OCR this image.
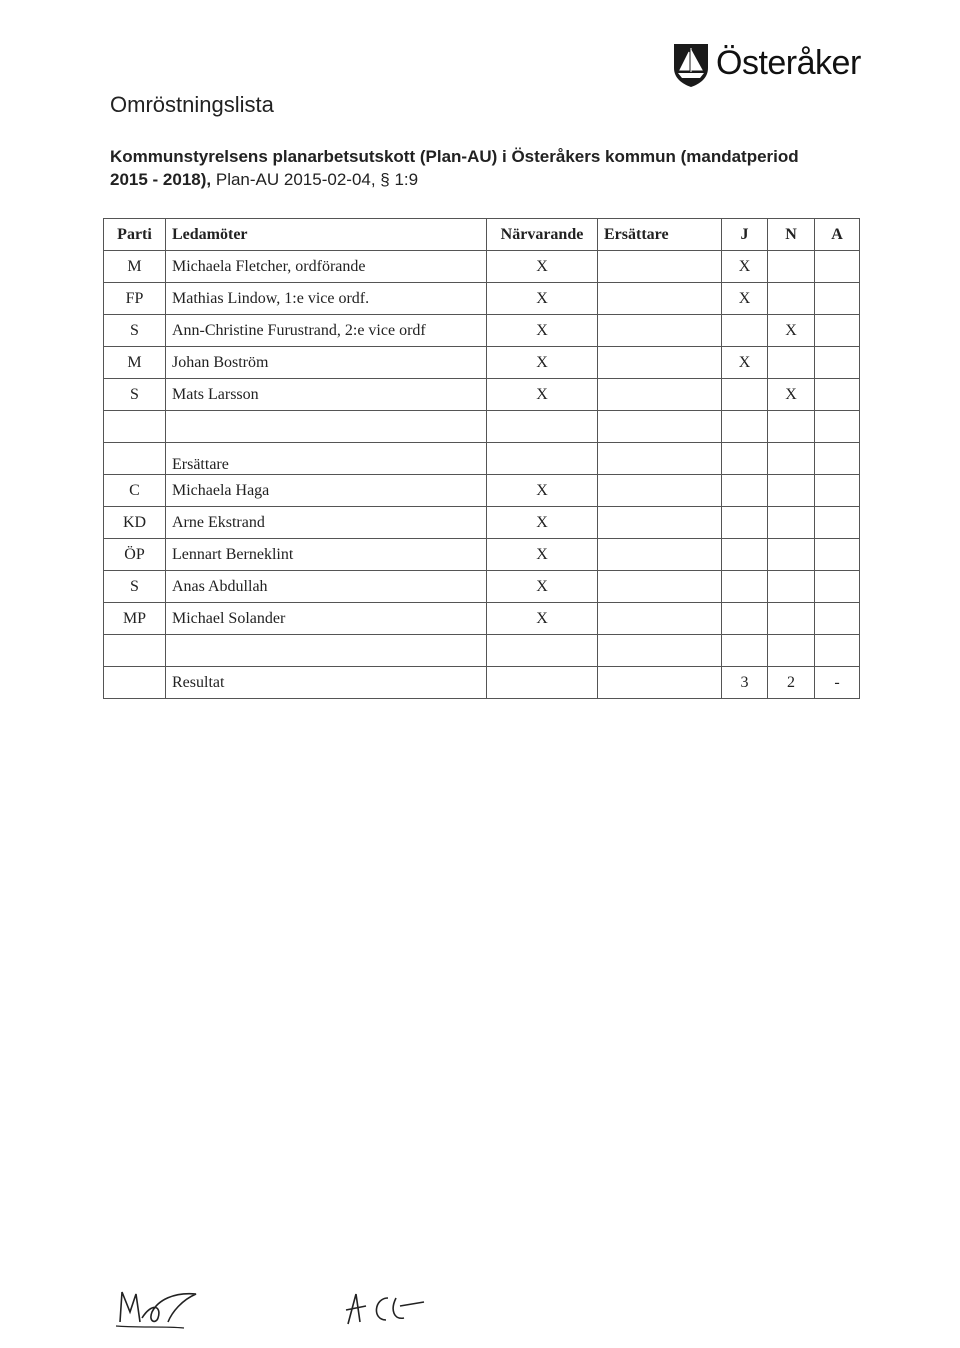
Österåker
Omröstningslista
Kommunstyrelsens planarbetsutskott (Plan-AU) i Österåkers kommun (mandatperiod 2015 - 2018), Plan-AU 2015-02-04, § 1:9
Parti	Ledamöter	Närvarande	Ersättare	J	N	A
M	Michaela Fletcher, ordförande	X		X		
FP	Mathias Lindow, 1:e vice ordf.	X		X		
S	Ann-Christine Furustrand, 2:e vice ordf	X			X	
M	Johan Boström	X		X		
S	Mats Larsson	X			X	

	Ersättare					
C	Michaela Haga	X				
KD	Arne Ekstrand	X				
ÖP	Lennart Berneklint	X				
S	Anas Abdullah	X				
MP	Michael Solander	X				

	Resultat			3	2	-
